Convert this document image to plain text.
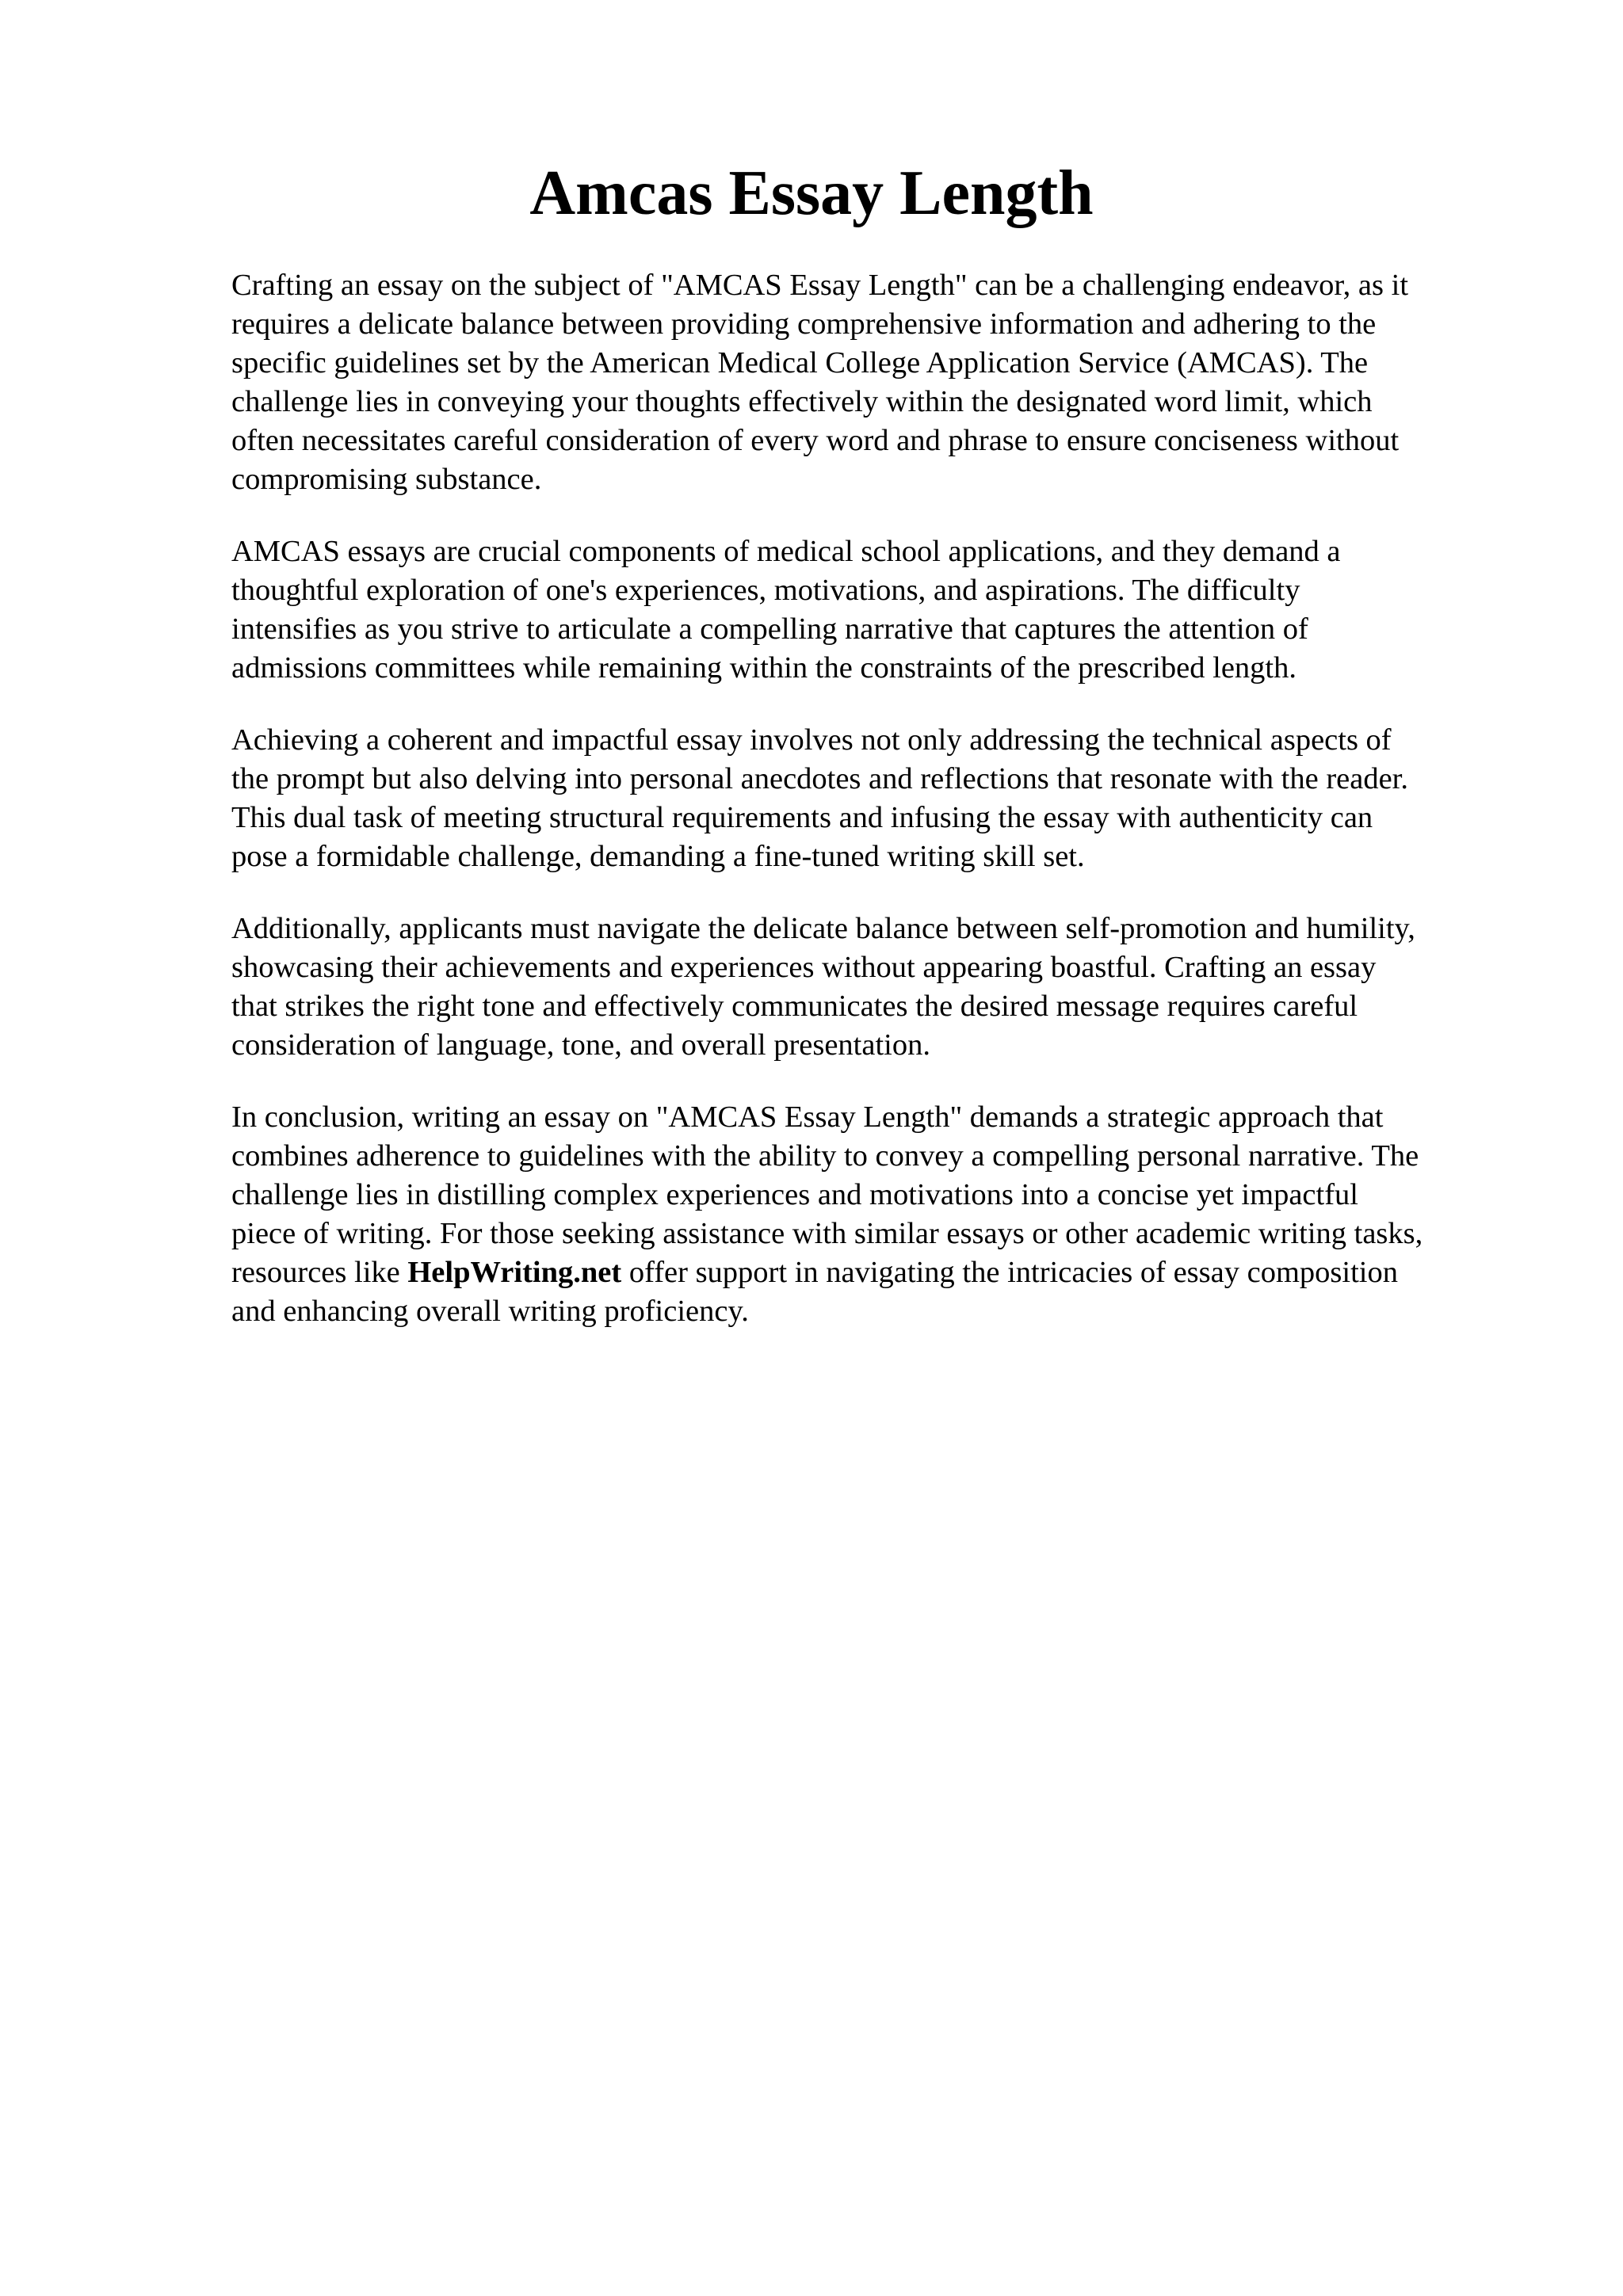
Amcas Essay Length

Crafting an essay on the subject of "AMCAS Essay Length" can be a challenging endeavor, as it
requires a delicate balance between providing comprehensive information and adhering to the
specific guidelines set by the American Medical College Application Service (AMCAS). The
challenge lies in conveying your thoughts effectively within the designated word limit, which
often necessitates careful consideration of every word and phrase to ensure conciseness without
compromising substance.

AMCAS essays are crucial components of medical school applications, and they demand a
thoughtful exploration of one's experiences, motivations, and aspirations. The difficulty
intensifies as you strive to articulate a compelling narrative that captures the attention of
admissions committees while remaining within the constraints of the prescribed length.

Achieving a coherent and impactful essay involves not only addressing the technical aspects of
the prompt but also delving into personal anecdotes and reflections that resonate with the reader.
This dual task of meeting structural requirements and infusing the essay with authenticity can
pose a formidable challenge, demanding a fine-tuned writing skill set.

Additionally, applicants must navigate the delicate balance between self-promotion and humility,
showcasing their achievements and experiences without appearing boastful. Crafting an essay
that strikes the right tone and effectively communicates the desired message requires careful
consideration of language, tone, and overall presentation.

In conclusion, writing an essay on "AMCAS Essay Length" demands a strategic approach that
combines adherence to guidelines with the ability to convey a compelling personal narrative. The
challenge lies in distilling complex experiences and motivations into a concise yet impactful
piece of writing. For those seeking assistance with similar essays or other academic writing tasks,
resources like HelpWriting.net offer support in navigating the intricacies of essay composition
and enhancing overall writing proficiency.
